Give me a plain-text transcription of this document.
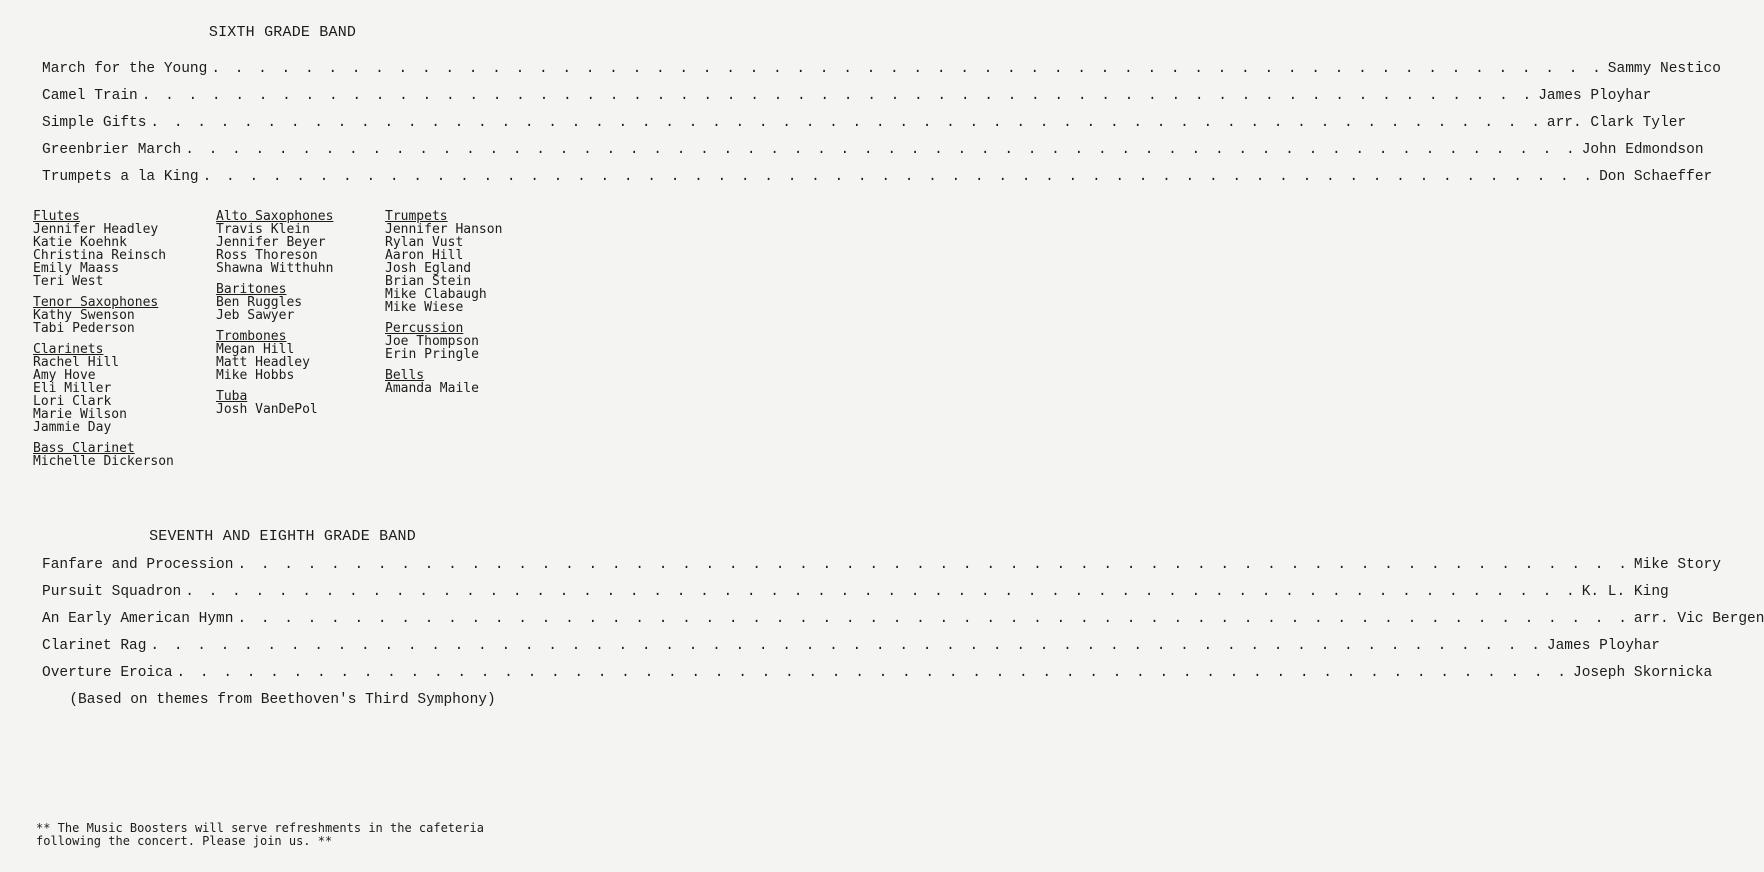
SIXTH GRADE BAND
March for the Young . . . . . . . . . . . . . . . . . . . . . . . . . . . . . . . . . . . . . . . . . . . . . . . . . . . . . . . . . . . . Sammy Nestico
Camel Train . . . . . . . . . . . . . . . . . . . . . . . . . . . . . . . . . . . . . . . . . . . . . . . . . . . . . . . . . . . . James Ployhar
Simple Gifts . . . . . . . . . . . . . . . . . . . . . . . . . . . . . . . . . . . . . . . . . . . . . . . . . . . . . . . . . . . . arr. Clark Tyler
Greenbrier March . . . . . . . . . . . . . . . . . . . . . . . . . . . . . . . . . . . . . . . . . . . . . . . . . . . . . . . . . . . . John Edmondson
Trumpets a la King . . . . . . . . . . . . . . . . . . . . . . . . . . . . . . . . . . . . . . . . . . . . . . . . . . . . . . . . . . . . Don Schaeffer
Flutes
Jennifer Headley
Katie Koehnk
Christina Reinsch
Emily Maass
Teri West
Tenor Saxophones
Kathy Swenson
Tabi Pederson
Clarinets
Rachel Hill
Amy Hove
Eli Miller
Lori Clark
Marie Wilson
Jammie Day
Bass Clarinet
Michelle Dickerson
Alto Saxophones
Travis Klein
Jennifer Beyer
Ross Thoreson
Shawna Witthuhn
Baritones
Ben Ruggles
Jeb Sawyer
Trombones
Megan Hill
Matt Headley
Mike Hobbs
Tuba
Josh VanDePol
Trumpets
Jennifer Hanson
Rylan Vust
Aaron Hill
Josh Egland
Brian Stein
Mike Clabaugh
Mike Wiese
Percussion
Joe Thompson
Erin Pringle
Bells
Amanda Maile
SEVENTH AND EIGHTH GRADE BAND
Fanfare and Procession . . . . . . . . . . . . . . . . . . . . . . . . . . . . . . . . . . . . . . . . . . . . . . . . . . . . . . . . . . . . Mike Story
Pursuit Squadron . . . . . . . . . . . . . . . . . . . . . . . . . . . . . . . . . . . . . . . . . . . . . . . . . . . . . . . . . . . . K. L. King
An Early American Hymn . . . . . . . . . . . . . . . . . . . . . . . . . . . . . . . . . . . . . . . . . . . . . . . . . . . . . . . . . . . . arr. Vic Bergen
Clarinet Rag . . . . . . . . . . . . . . . . . . . . . . . . . . . . . . . . . . . . . . . . . . . . . . . . . . . . . . . . . . . . James Ployhar
Overture Eroica . . . . . . . . . . . . . . . . . . . . . . . . . . . . . . . . . . . . . . . . . . . . . . . . . . . . . . . . . . . . Joseph Skornicka
(Based on themes from Beethoven's Third Symphony)
** The Music Boosters will serve refreshments in the cafeteria
following the concert. Please join us. **
